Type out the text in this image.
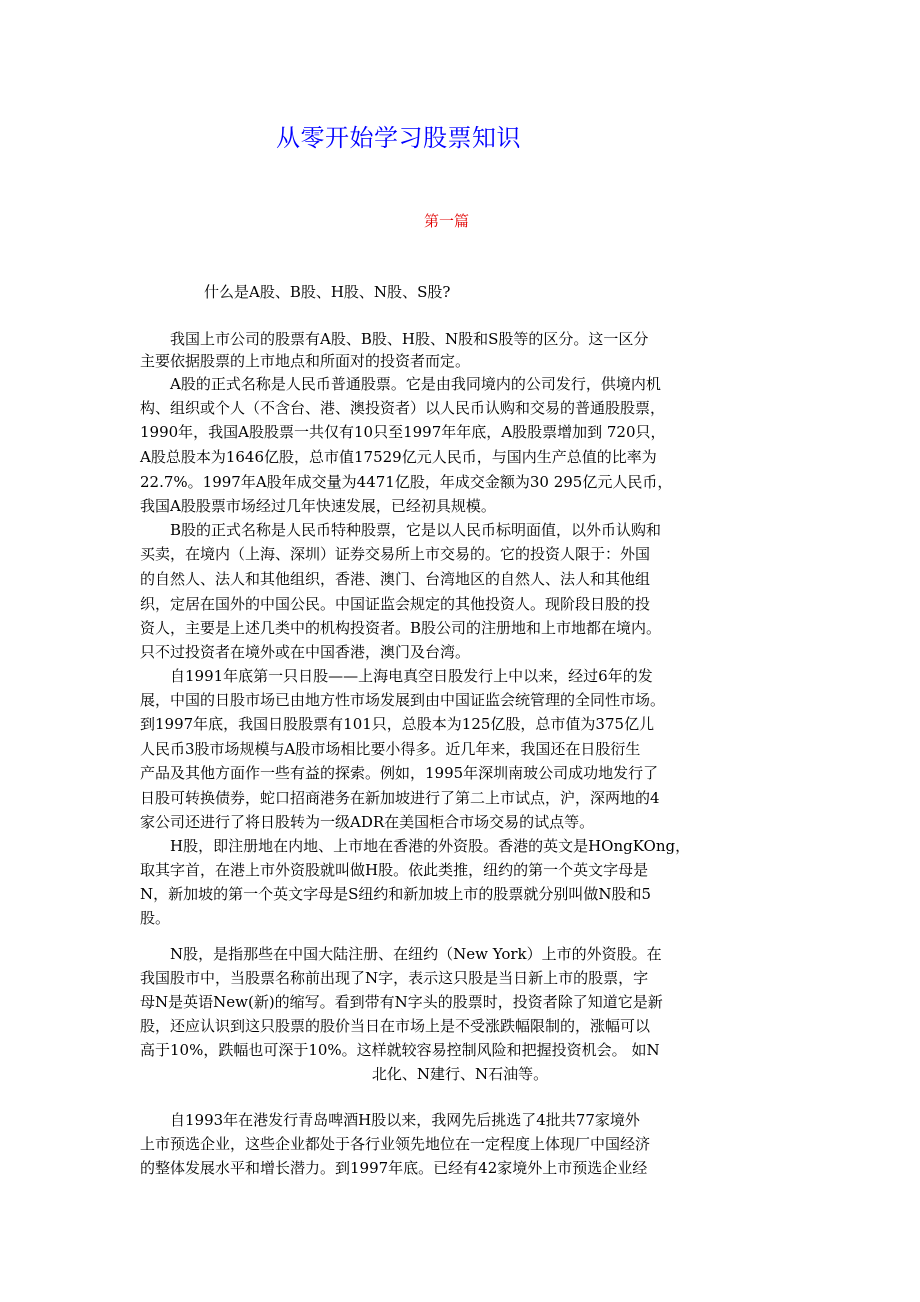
从零开始学习股票知识
第一篇
什么是A股、B股、H股、N股、S股?
　　我国上市公司的股票有A股、B股、H股、N股和S股等的区分。这一区分
主要依据股票的上市地点和所面对的投资者而定。
　　A股的正式名称是人民币普通股票。它是由我同境内的公司发行，供境内机
构、组织或个人（不含台、港、澳投资者）以人民币认购和交易的普通股股票，
1990年，我国A股股票一共仅有10只至1997年年底，A股股票增加到 720只，
A股总股本为1646亿股，总市值17529亿元人民币，与国内生产总值的比率为
22.7%。1997年A股年成交量为4471亿股，年成交金额为30 295亿元人民币，
我国A股股票市场经过几年快速发展，已经初具规模。
　　B股的正式名称是人民币特种股票，它是以人民币标明面值，以外币认购和
买卖，在境内（上海、深圳）证券交易所上市交易的。它的投资人限于：外国
的自然人、法人和其他组织，香港、澳门、台湾地区的自然人、法人和其他组
织，定居在国外的中国公民。中国证监会规定的其他投资人。现阶段日股的投
资人，主要是上述几类中的机构投资者。B股公司的注册地和上市地都在境内。
只不过投资者在境外或在中国香港，澳门及台湾。
　　自1991年底第一只日股——上海电真空日股发行上中以来，经过6年的发
展，中国的日股市场已由地方性市场发展到由中国证监会统管理的全同性市场。
到1997年底，我国日股股票有101只，总股本为125亿股，总市值为375亿儿
人民币3股市场规模与A股市场相比要小得多。近几年来，我国还在日股衍生
产品及其他方面作一些有益的探索。例如，1995年深圳南玻公司成功地发行了
日股可转换债券，蛇口招商港务在新加坡进行了第二上市试点，沪，深两地的4
家公司还进行了将日股转为一级ADR在美国柜合市场交易的试点等。
　　H股，即注册地在内地、上市地在香港的外资股。香港的英文是HOngKOng，
取其字首，在港上市外资股就叫做H股。依此类推，纽约的第一个英文字母是
N，新加坡的第一个英文字母是S纽约和新加坡上市的股票就分别叫做N股和5
股。
　　N股，是指那些在中国大陆注册、在纽约（New York）上市的外资股。在
我国股市中，当股票名称前出现了N字，表示这只股是当日新上市的股票，字
母N是英语New(新)的缩写。看到带有N字头的股票时，投资者除了知道它是新
股，还应认识到这只股票的股价当日在市场上是不受涨跌幅限制的，涨幅可以
高于10%，跌幅也可深于10%。这样就较容易控制风险和把握投资机会。 如N
北化、N建行、N石油等。
　　自1993年在港发行青岛啤酒H股以来，我网先后挑选了4批共77家境外
上市预选企业，这些企业都处于各行业领先地位在一定程度上体现厂中国经济
的整体发展水平和增长潜力。到1997年底。已经有42家境外上市预选企业经
